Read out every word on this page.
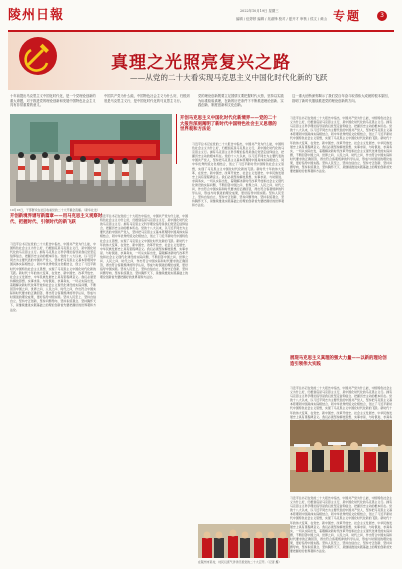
陵州日報	2022年10月19日 星期三
编辑 / 伍婷婷 编辑 / 吴淑锋 校对 / 夏开才 审核 / 侯文 / 黄山 专题	3
真理之光照亮复兴之路
——从党的二十大看实现马克思主义中国化时代化新的飞跃
十年前提出马克思主义中国化时代化，是一个党理论创新的重大命题，对于推进党的理论创新和发展中国特色社会主义具有非常重要的意义。
中国共产党为什么能，中国特色社会主义为什么好，归根到底是马克思主义行，是中国化时代化的马克思主义行。
党的理论创新既要立足国情又要把握时代大势，坚持以实践为标准检验真理，在新的历史条件下不断推进理论创新、实践创新、制度创新和文化创新。
这一重大论断深刻揭示了我们党百年奋斗取得伟大成就的根本原因，指明了新时代继续推进党的理论创新的方向。
10月16日，干部群众在社区收看党的二十大开幕会直播。（新华社发）
开创马克思主义中国化时代化新境界——党的二十大报告深刻阐明了新时代中国特色社会主义思想的世界观和方法论
开创新境界谱写新篇章——用马克思主义观察时代、把握时代、引领时代的新飞跃
展现马克思主义真理的强大力量——以新的理论创造引领伟大实践
习近平总书记在党的二十大报告中指出，中国共产党为什么能，中国特色社会主义为什么好，归根到底是马克思主义行，是中国化时代化的马克思主义行。拥有马克思主义科学理论指导是我们党坚定信仰信念、把握历史主动的根本所在。党的十八大以来，以习近平同志为主要代表的中国共产党人，坚持把马克思主义基本原理同中国具体实际相结合、同中华优秀传统文化相结合，创立了习近平新时代中国特色社会主义思想，实现了马克思主义中国化时代化新的飞跃。新时代十年的伟大变革，在党史、新中国史、改革开放史、社会主义发展史、中华民族发展史上具有里程碑意义。我们必须坚持解放思想、实事求是、与时俱进、求真务实，一切从实际出发，着眼解决新时代改革开放和社会主义现代化建设的实际问题，不断回答中国之问、世界之问、人民之问、时代之问，作出符合中国实际和时代要求的正确回答，得出符合客观规律的科学认识，形成与时俱进的理论成果，更好指导中国实践。坚持人民至上、坚持自信自立、坚持守正创新、坚持问题导向、坚持系统观念、坚持胸怀天下，是继续推进实践基础上的理论创新首先要把握好的世界观和方法论。
习近平总书记在党的二十大报告中指出，中国共产党为什么能，中国特色社会主义为什么好，归根到底是马克思主义行，是中国化时代化的马克思主义行。拥有马克思主义科学理论指导是我们党坚定信仰信念、把握历史主动的根本所在。党的十八大以来，以习近平同志为主要代表的中国共产党人，坚持把马克思主义基本原理同中国具体实际相结合、同中华优秀传统文化相结合，创立了习近平新时代中国特色社会主义思想，实现了马克思主义中国化时代化新的飞跃。新时代十年的伟大变革，在党史、新中国史、改革开放史、社会主义发展史、中华民族发展史上具有里程碑意义。我们必须坚持解放思想、实事求是、与时俱进、求真务实，一切从实际出发，着眼解决新时代改革开放和社会主义现代化建设的实际问题，不断回答中国之问、世界之问、人民之问、时代之问，作出符合中国实际和时代要求的正确回答，得出符合客观规律的科学认识，形成与时俱进的理论成果，更好指导中国实践。坚持人民至上、坚持自信自立、坚持守正创新、坚持问题导向、坚持系统观念、坚持胸怀天下，是继续推进实践基础上的理论创新首先要把握好的世界观和方法论。
习近平总书记在党的二十大报告中指出，中国共产党为什么能，中国特色社会主义为什么好，归根到底是马克思主义行，是中国化时代化的马克思主义行。拥有马克思主义科学理论指导是我们党坚定信仰信念、把握历史主动的根本所在。党的十八大以来，以习近平同志为主要代表的中国共产党人，坚持把马克思主义基本原理同中国具体实际相结合、同中华优秀传统文化相结合，创立了习近平新时代中国特色社会主义思想，实现了马克思主义中国化时代化新的飞跃。新时代十年的伟大变革，在党史、新中国史、改革开放史、社会主义发展史、中华民族发展史上具有里程碑意义。我们必须坚持解放思想、实事求是、与时俱进、求真务实，一切从实际出发，着眼解决新时代改革开放和社会主义现代化建设的实际问题，不断回答中国之问、世界之问、人民之问、时代之问，作出符合中国实际和时代要求的正确回答，得出符合客观规律的科学认识，形成与时俱进的理论成果，更好指导中国实践。坚持人民至上、坚持自信自立、坚持守正创新、坚持问题导向、坚持系统观念、坚持胸怀天下，是继续推进实践基础上的理论创新首先要把握好的世界观和方法论。
习近平总书记在党的二十大报告中指出，中国共产党为什么能，中国特色社会主义为什么好，归根到底是马克思主义行，是中国化时代化的马克思主义行。拥有马克思主义科学理论指导是我们党坚定信仰信念、把握历史主动的根本所在。党的十八大以来，以习近平同志为主要代表的中国共产党人，坚持把马克思主义基本原理同中国具体实际相结合、同中华优秀传统文化相结合，创立了习近平新时代中国特色社会主义思想，实现了马克思主义中国化时代化新的飞跃。新时代十年的伟大变革，在党史、新中国史、改革开放史、社会主义发展史、中华民族发展史上具有里程碑意义。我们必须坚持解放思想、实事求是、与时俱进、求真务实，一切从实际出发，着眼解决新时代改革开放和社会主义现代化建设的实际问题，不断回答中国之问、世界之问、人民之问、时代之问，作出符合中国实际和时代要求的正确回答，得出符合客观规律的科学认识，形成与时俱进的理论成果，更好指导中国实践。坚持人民至上、坚持自信自立、坚持守正创新、坚持问题导向、坚持系统观念、坚持胸怀天下，是继续推进实践基础上的理论创新首先要把握好的世界观和方法论。
习近平总书记在党的二十大报告中指出，中国共产党为什么能，中国特色社会主义为什么好，归根到底是马克思主义行，是中国化时代化的马克思主义行。拥有马克思主义科学理论指导是我们党坚定信仰信念、把握历史主动的根本所在。党的十八大以来，以习近平同志为主要代表的中国共产党人，坚持把马克思主义基本原理同中国具体实际相结合、同中华优秀传统文化相结合，创立了习近平新时代中国特色社会主义思想，实现了马克思主义中国化时代化新的飞跃。新时代十年的伟大变革，在党史、新中国史、改革开放史、社会主义发展史、中华民族发展史上具有里程碑意义。我们必须坚持解放思想、实事求是、与时俱进、求真务
习近平总书记在党的二十大报告中指出，中国共产党为什么能，中国特色社会主义为什么好，归根到底是马克思主义行，是中国化时代化的马克思主义行。拥有马克思主义科学理论指导是我们党坚定信仰信念、把握历史主动的根本所在。党的十八大以来，以习近平同志为主要代表的中国共产党人，坚持把马克思主义基本原理同中国具体实际相结合、同中华优秀传统文化相结合，创立了习近平新时代中国特色社会主义思想，实现了马克思主义中国化时代化新的飞跃。新时代十年的伟大变革，在党史、新中国史、改革开放史、社会主义发展史、中华民族发展史上具有里程碑意义。我们必须坚持解放思想、实事求是、与时俱进、求真务实，一切从实际出发，着眼解决新时代改革开放和社会主义现代化建设的实际问题，不断回答中国之问、世界之问、人民之问、时代之问，作出符合中国实际和时代要求的正确回答，得出符合客观规律的科学认识，形成与时俱进的理论成果，更好指导中国实践。坚持人民至上、坚持自信自立、坚持守正创新、坚持问题导向、坚持系统观念、坚持胸怀天下，是继续推进实践基础上的理论创新首先要把握好的世界观和方法论。
在陵州市某村，村民们喜气洋洋庆祝党的二十大召开。（记者 摄）
